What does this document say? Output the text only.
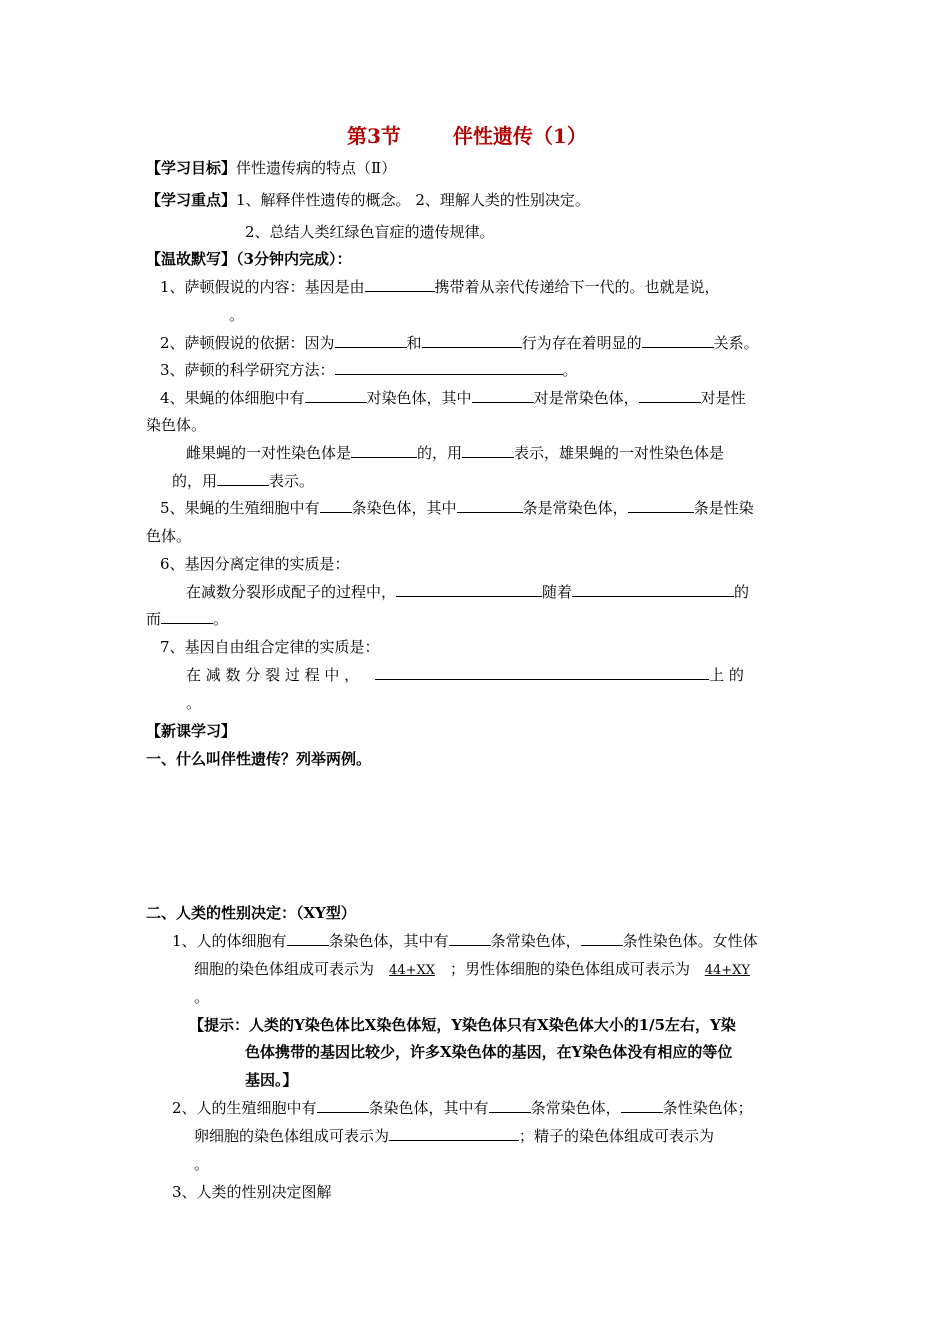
第3节	伴性遗传（1）
【学习目标】伴性遗传病的特点（Ⅱ）
【学习重点】1、解释伴性遗传的概念。 2、理解人类的性别决定。
2、总结人类红绿色盲症的遗传规律。
【温故默写】（3分钟内完成）：
1、萨顿假说的内容：基因是由	携带着从亲代传递给下一代的。也就是说，
。
2、萨顿假说的依据：因为	和	行为存在着明显的	关系。
3、萨顿的科学研究方法：	。
4、果蝇的体细胞中有	对染色体，其中	对是常染色体，	对是性
染色体。
雌果蝇的一对性染色体是	的，用	表示，雄果蝇的一对性染色体是
的，用	表示。
5、果蝇的生殖细胞中有 条染色体，其中	条是常染色体，	条是性染
色体。
6、基因分离定律的实质是：
在减数分裂形成配子的过程中，	随着	的
而	。
7、基因自由组合定律的实质是：
在 减 数 分 裂 过 程 中 ，	上 的
。
【新课学习】
一、什么叫伴性遗传？列举两例。
二、人类的性别决定：（XY型）
1、人的体细胞有	条染色体，其中有	条常染色体，	条性染色体。女性体
细胞的染色体组成可表示为 44+XX ；男性体细胞的染色体组成可表示为 44+XY
。
【提示：人类的Y染色体比X染色体短，Y染色体只有X染色体大小的1/5左右，Y染
色体携带的基因比较少，许多X染色体的基因，在Y染色体没有相应的等位
基因。】
2、人的生殖细胞中有	条染色体，其中有	条常染色体，	条性染色体；
卵细胞的染色体组成可表示为	；精子的染色体组成可表示为
。
3、人类的性别决定图解
